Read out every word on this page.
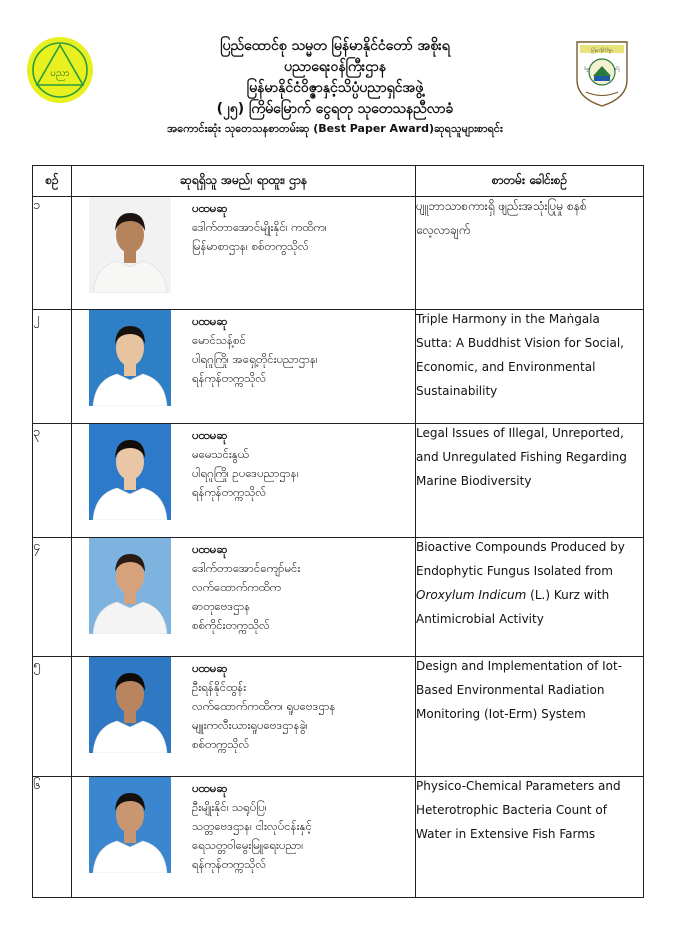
ပညာ
ပြည်ထောင်စု သမ္မတ မြန်မာနိုင်ငံတော် အစိုးရ
ပညာရေးဝန်ကြီးဌာန
မြန်မာနိုင်ငံဝိဇ္ဇာနှင့်သိပ္ပံပညာရှင်အဖွဲ့
(၂၅) ကြိမ်မြောက် ငွေရတု သုတေသနညီလာခံ
အကောင်းဆုံး သုတေသနစာတမ်းဆု (Best Paper Award)ဆုရသူများစာရင်း
မြန်မာနိုင်ငံဝိဇ္ဇာ
ဝိဇ္ဇာ	သိပ္ပံ
စဉ်	ဆုရရှိသူ အမည်၊ ရာထူး၊ ဌာန	စာတမ်း ခေါင်းစဉ်
၁	ပထမဆု
ဒေါက်တာအောင်မျိုးနိုင်၊ ကထိက၊
မြန်မာစာဌာန၊ စစ်တကွသိုလ်	ပျူဘာသာစကားရှိ ဖျည်းအသုံးပြုမှု စနစ်
လေ့လာချက်

၂	ပထမဆု
မောင်သန့်စင်
ပါရဂူကြို၊ အရှေ့တိုင်းပညာဌာန၊
ရန်ကုန်တက္ကသိုလ်	Triple Harmony in the Maṅgala
Sutta: A Buddhist Vision for Social,
Economic, and Environmental
Sustainability

၃	ပထမဆု
မမေသင်းနွယ်
ပါရဂူကြို၊ ဥပဒေပညာဌာန၊
ရန်ကုန်တက္ကသိုလ်	Legal Issues of Illegal, Unreported,
and Unregulated Fishing Regarding
Marine Biodiversity

၄	ပထမဆု
ဒေါက်တာအောင်ကျော်မင်း
လက်ထောက်ကထိက
ဓာတုဗေဒဌာန
စစ်ကိုင်းတက္ကသိုလ်	Bioactive Compounds Produced by
Endophytic Fungus Isolated from
Oroxylum Indicum (L.) Kurz with
Antimicrobial Activity

၅	ပထမဆု
ဦးရန်နိုင်ထွန်း
လက်ထောက်ကထိက၊ ရူပဗေဒဌာန
မျူးကလီးယားရူပဗေဒဌာနခွဲ၊
စစ်တက္ကသိုလ်	Design and Implementation of Iot-
Based Environmental Radiation
Monitoring (Iot-Erm) System

၆	ပထမဆု
ဦးမျိုးနိုင်၊ သရုပ်ပြ၊
သတ္တဗေဒဌာန၊ ငါးလုပ်ငန်းနှင့်
ရေသတ္တဝါမွေးမြူရေးပညာ၊
ရန်ကုန်တက္ကသိုလ်	Physico-Chemical Parameters and
Heterotrophic Bacteria Count of
Water in Extensive Fish Farms
